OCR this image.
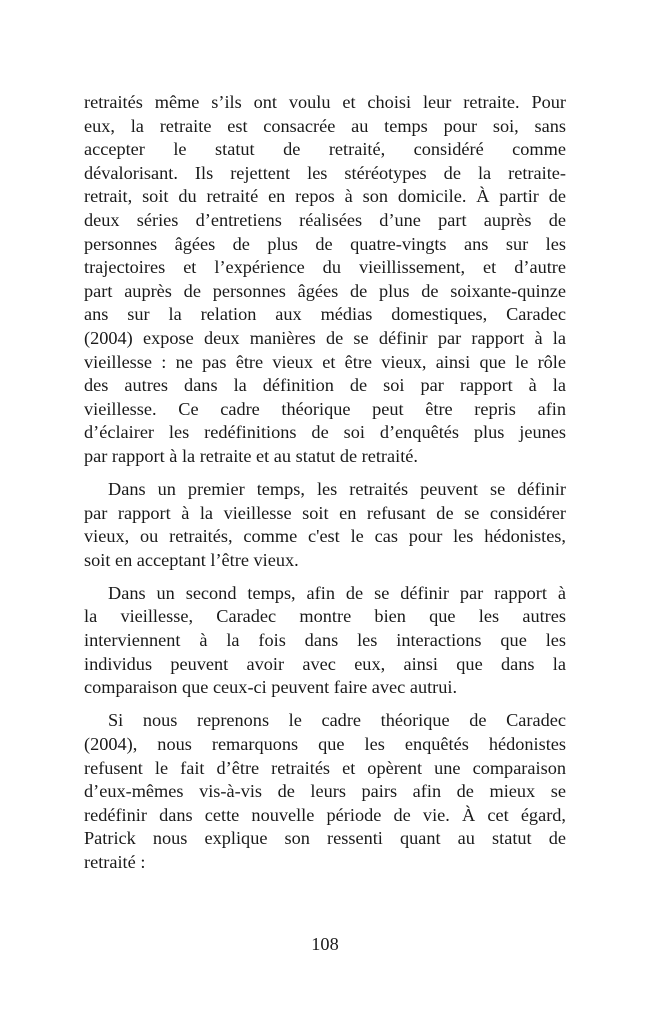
retraités même s’ils ont voulu et choisi leur retraite. Pour
eux, la retraite est consacrée au temps pour soi, sans
accepter le statut de retraité, considéré comme
dévalorisant. Ils rejettent les stéréotypes de la retraite-
retrait, soit du retraité en repos à son domicile. À partir de
deux séries d’entretiens réalisées d’une part auprès de
personnes âgées de plus de quatre-vingts ans sur les
trajectoires et l’expérience du vieillissement, et d’autre
part auprès de personnes âgées de plus de soixante-quinze
ans sur la relation aux médias domestiques, Caradec
(2004) expose deux manières de se définir par rapport à la
vieillesse : ne pas être vieux et être vieux, ainsi que le rôle
des autres dans la définition de soi par rapport à la
vieillesse. Ce cadre théorique peut être repris afin
d’éclairer les redéfinitions de soi d’enquêtés plus jeunes
par rapport à la retraite et au statut de retraité.
Dans un premier temps, les retraités peuvent se définir
par rapport à la vieillesse soit en refusant de se considérer
vieux, ou retraités, comme c'est le cas pour les hédonistes,
soit en acceptant l’être vieux.
Dans un second temps, afin de se définir par rapport à
la vieillesse, Caradec montre bien que les autres
interviennent à la fois dans les interactions que les
individus peuvent avoir avec eux, ainsi que dans la
comparaison que ceux-ci peuvent faire avec autrui.
Si nous reprenons le cadre théorique de Caradec
(2004), nous remarquons que les enquêtés hédonistes
refusent le fait d’être retraités et opèrent une comparaison
d’eux-mêmes vis-à-vis de leurs pairs afin de mieux se
redéfinir dans cette nouvelle période de vie. À cet égard,
Patrick nous explique son ressenti quant au statut de
retraité :
108
